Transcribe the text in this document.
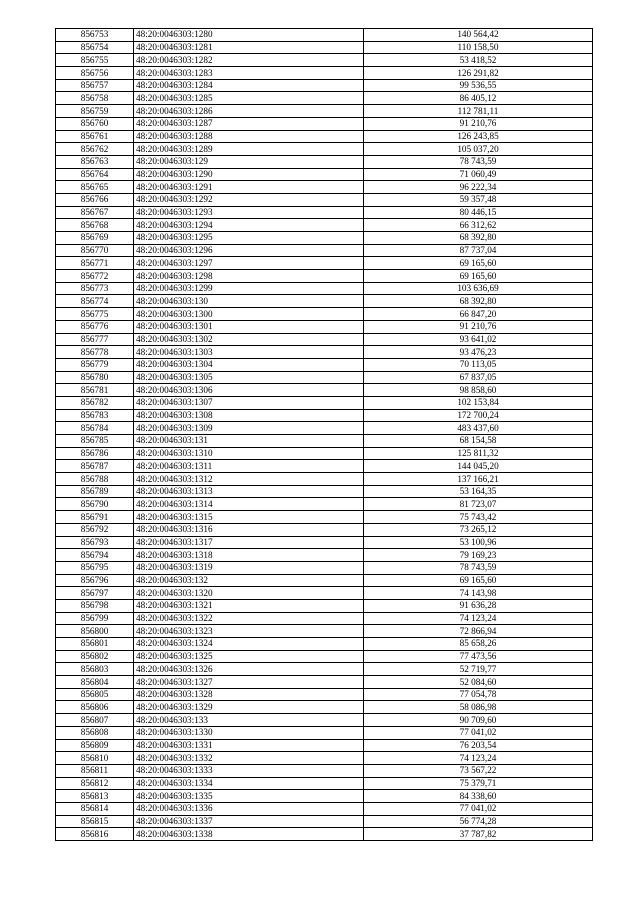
856753	48:20:0046303:1280	140 564,42
856754	48:20:0046303:1281	110 158,50
856755	48:20:0046303:1282	53 418,52
856756	48:20:0046303:1283	126 291,82
856757	48:20:0046303:1284	99 536,55
856758	48:20:0046303:1285	86 405,12
856759	48:20:0046303:1286	112 781,11
856760	48:20:0046303:1287	91 210,76
856761	48:20:0046303:1288	126 243,85
856762	48:20:0046303:1289	105 037,20
856763	48:20:0046303:129	78 743,59
856764	48:20:0046303:1290	71 060,49
856765	48:20:0046303:1291	96 222,34
856766	48:20:0046303:1292	59 357,48
856767	48:20:0046303:1293	80 446,15
856768	48:20:0046303:1294	66 312,62
856769	48:20:0046303:1295	68 392,80
856770	48:20:0046303:1296	87 737,04
856771	48:20:0046303:1297	69 165,60
856772	48:20:0046303:1298	69 165,60
856773	48:20:0046303:1299	103 636,69
856774	48:20:0046303:130	68 392,80
856775	48:20:0046303:1300	66 847,20
856776	48:20:0046303:1301	91 210,76
856777	48:20:0046303:1302	93 641,02
856778	48:20:0046303:1303	93 476,23
856779	48:20:0046303:1304	70 113,05
856780	48:20:0046303:1305	67 837,05
856781	48:20:0046303:1306	98 858,60
856782	48:20:0046303:1307	102 153,84
856783	48:20:0046303:1308	172 700,24
856784	48:20:0046303:1309	483 437,60
856785	48:20:0046303:131	68 154,58
856786	48:20:0046303:1310	125 811,32
856787	48:20:0046303:1311	144 045,20
856788	48:20:0046303:1312	137 166,21
856789	48:20:0046303:1313	53 164,35
856790	48:20:0046303:1314	81 723,07
856791	48:20:0046303:1315	75 743,42
856792	48:20:0046303:1316	73 265,12
856793	48:20:0046303:1317	53 100,96
856794	48:20:0046303:1318	79 169,23
856795	48:20:0046303:1319	78 743,59
856796	48:20:0046303:132	69 165,60
856797	48:20:0046303:1320	74 143,98
856798	48:20:0046303:1321	91 636,28
856799	48:20:0046303:1322	74 123,24
856800	48:20:0046303:1323	72 866,94
856801	48:20:0046303:1324	85 658,26
856802	48:20:0046303:1325	77 473,56
856803	48:20:0046303:1326	52 719,77
856804	48:20:0046303:1327	52 084,60
856805	48:20:0046303:1328	77 054,78
856806	48:20:0046303:1329	58 086,98
856807	48:20:0046303:133	90 709,60
856808	48:20:0046303:1330	77 041,02
856809	48:20:0046303:1331	76 203,54
856810	48:20:0046303:1332	74 123,24
856811	48:20:0046303:1333	73 567,22
856812	48:20:0046303:1334	75 379,71
856813	48:20:0046303:1335	84 338,60
856814	48:20:0046303:1336	77 041,02
856815	48:20:0046303:1337	56 774,28
856816	48:20:0046303:1338	37 787,82
